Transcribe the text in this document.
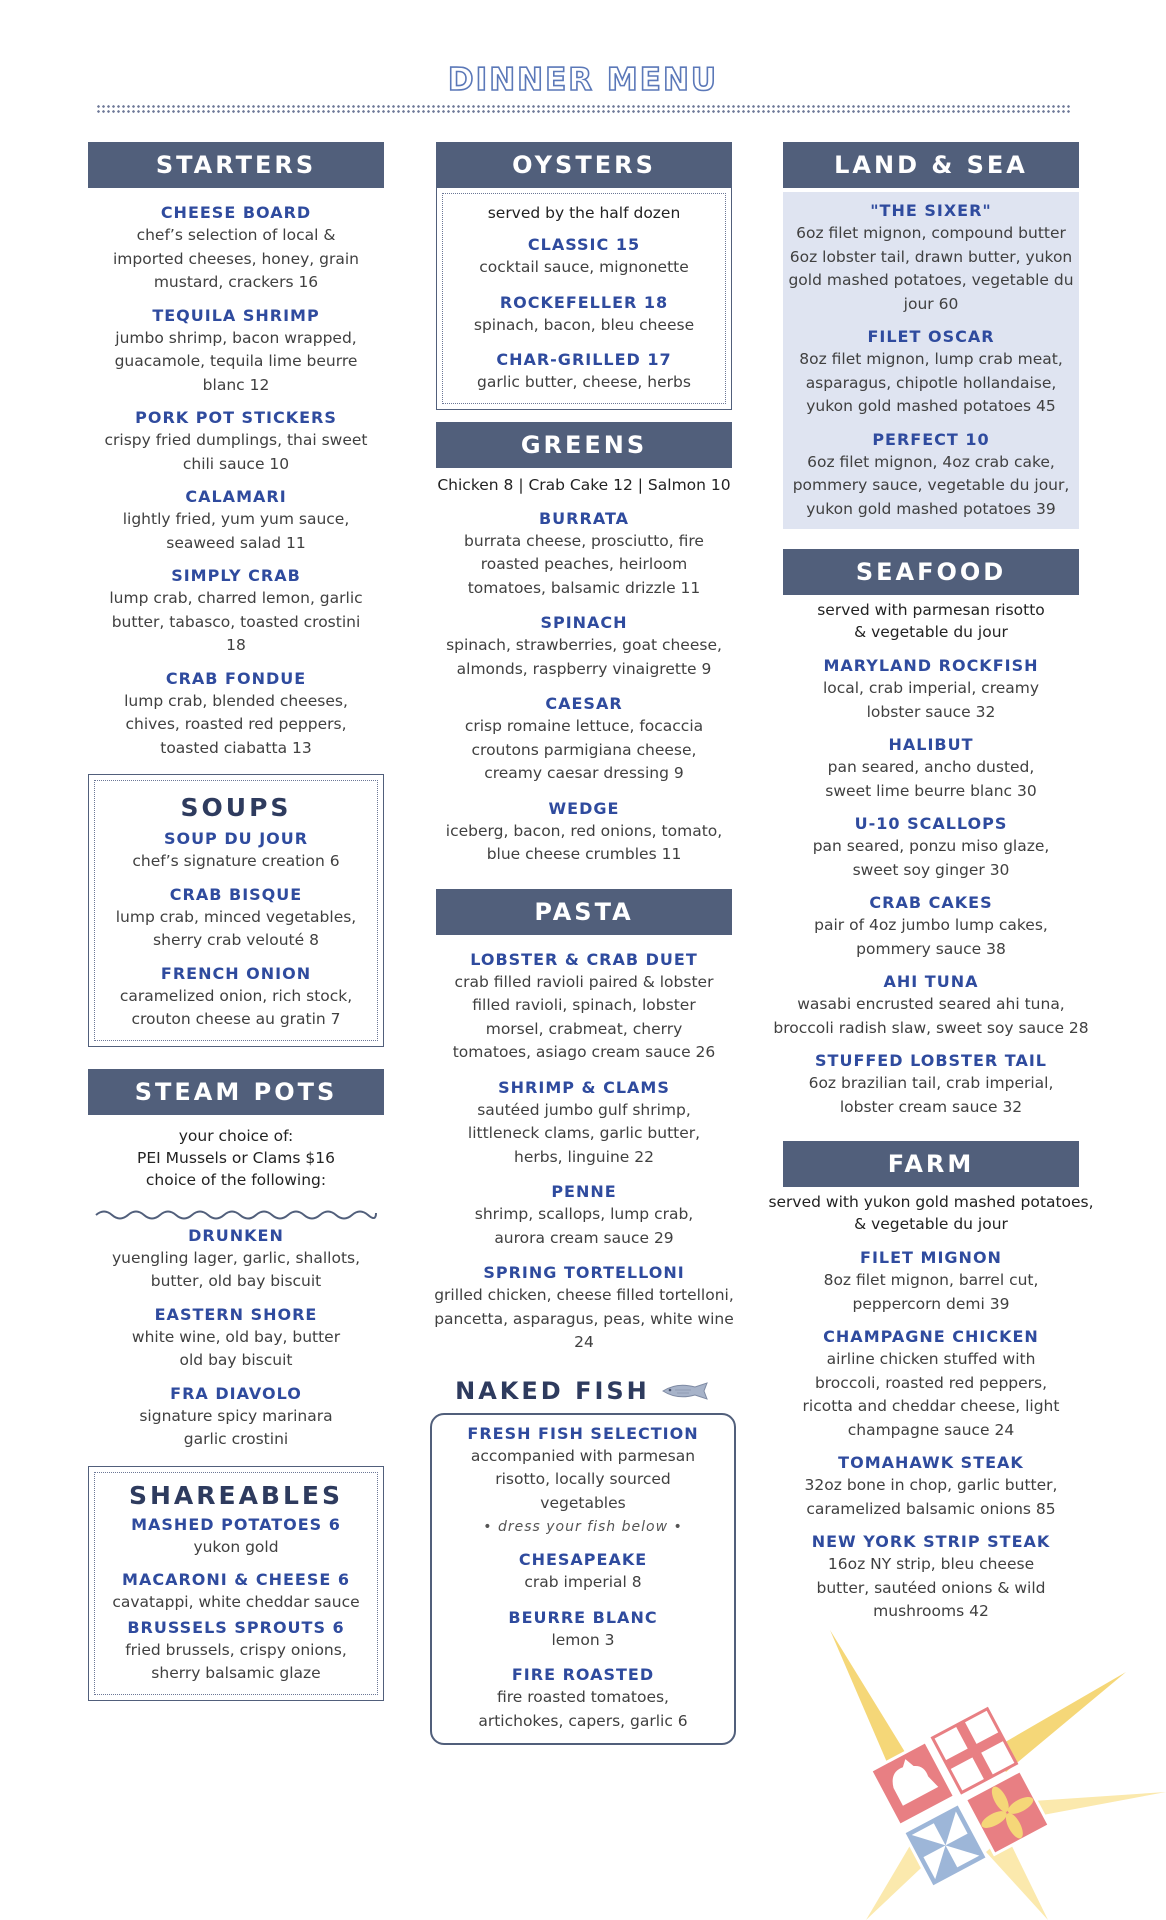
DINNER MENU
STARTERS
CHEESE BOARD
chef’s selection of local & imported cheeses, honey, grain mustard, crackers 16
TEQUILA SHRIMP
jumbo shrimp, bacon wrapped, guacamole, tequila lime beurre blanc 12
PORK POT STICKERS
crispy fried dumplings, thai sweet chili sauce 10
CALAMARI
lightly fried, yum yum sauce, seaweed salad 11
SIMPLY CRAB
lump crab, charred lemon, garlic butter, tabasco, toasted crostini 18
CRAB FONDUE
lump crab, blended cheeses, chives, roasted red peppers, toasted ciabatta 13
SOUPS
SOUP DU JOUR
chef’s signature creation 6
CRAB BISQUE
lump crab, minced vegetables, sherry crab velouté 8
FRENCH ONION
caramelized onion, rich stock, crouton cheese au gratin 7
STEAM POTS
your choice of:
PEI Mussels or Clams $16
choice of the following:
DRUNKEN
yuengling lager, garlic, shallots, butter, old bay biscuit
EASTERN SHORE
white wine, old bay, butter old bay biscuit
FRA DIAVOLO
signature spicy marinara garlic crostini
SHAREABLES
MASHED POTATOES 6
yukon gold
MACARONI & CHEESE 6
cavatappi, white cheddar sauce
BRUSSELS SPROUTS 6
fried brussels, crispy onions, sherry balsamic glaze
OYSTERS
served by the half dozen
CLASSIC 15
cocktail sauce, mignonette
ROCKEFELLER 18
spinach, bacon, bleu cheese
CHAR-GRILLED 17
garlic butter, cheese, herbs
GREENS
Chicken 8 | Crab Cake 12 | Salmon 10
BURRATA
burrata cheese, prosciutto, fire roasted peaches, heirloom tomatoes, balsamic drizzle 11
SPINACH
spinach, strawberries, goat cheese, almonds, raspberry vinaigrette 9
CAESAR
crisp romaine lettuce, focaccia croutons parmigiana cheese, creamy caesar dressing 9
WEDGE
iceberg, bacon, red onions, tomato, blue cheese crumbles 11
PASTA
LOBSTER & CRAB DUET
crab filled ravioli paired & lobster filled ravioli, spinach, lobster morsel, crabmeat, cherry tomatoes, asiago cream sauce 26
SHRIMP & CLAMS
sautéed jumbo gulf shrimp, littleneck clams, garlic butter, herbs, linguine 22
PENNE
shrimp, scallops, lump crab, aurora cream sauce 29
SPRING TORTELLONI
grilled chicken, cheese filled tortelloni, pancetta, asparagus, peas, white wine 24
NAKED FISH
FRESH FISH SELECTION
accompanied with parmesan risotto, locally sourced vegetables
• dress your fish below •
CHESAPEAKE
crab imperial 8
BEURRE BLANC
lemon 3
FIRE ROASTED
fire roasted tomatoes, artichokes, capers, garlic 6
LAND & SEA
"THE SIXER"
6oz filet mignon, compound butter 6oz lobster tail, drawn butter, yukon gold mashed potatoes, vegetable du jour 60
FILET OSCAR
8oz filet mignon, lump crab meat, asparagus, chipotle hollandaise, yukon gold mashed potatoes 45
PERFECT 10
6oz filet mignon, 4oz crab cake, pommery sauce, vegetable du jour, yukon gold mashed potatoes 39
SEAFOOD
served with parmesan risotto
& vegetable du jour
MARYLAND ROCKFISH
local, crab imperial, creamy lobster sauce 32
HALIBUT
pan seared, ancho dusted, sweet lime beurre blanc 30
U-10 SCALLOPS
pan seared, ponzu miso glaze, sweet soy ginger 30
CRAB CAKES
pair of 4oz jumbo lump cakes, pommery sauce 38
AHI TUNA
wasabi encrusted seared ahi tuna, broccoli radish slaw, sweet soy sauce 28
STUFFED LOBSTER TAIL
6oz brazilian tail, crab imperial, lobster cream sauce 32
FARM
served with yukon gold mashed potatoes,
& vegetable du jour
FILET MIGNON
8oz filet mignon, barrel cut, peppercorn demi 39
CHAMPAGNE CHICKEN
airline chicken stuffed with broccoli, roasted red peppers, ricotta and cheddar cheese, light champagne sauce 24
TOMAHAWK STEAK
32oz bone in chop, garlic butter, caramelized balsamic onions 85
NEW YORK STRIP STEAK
16oz NY strip, bleu cheese butter, sautéed onions & wild mushrooms 42
